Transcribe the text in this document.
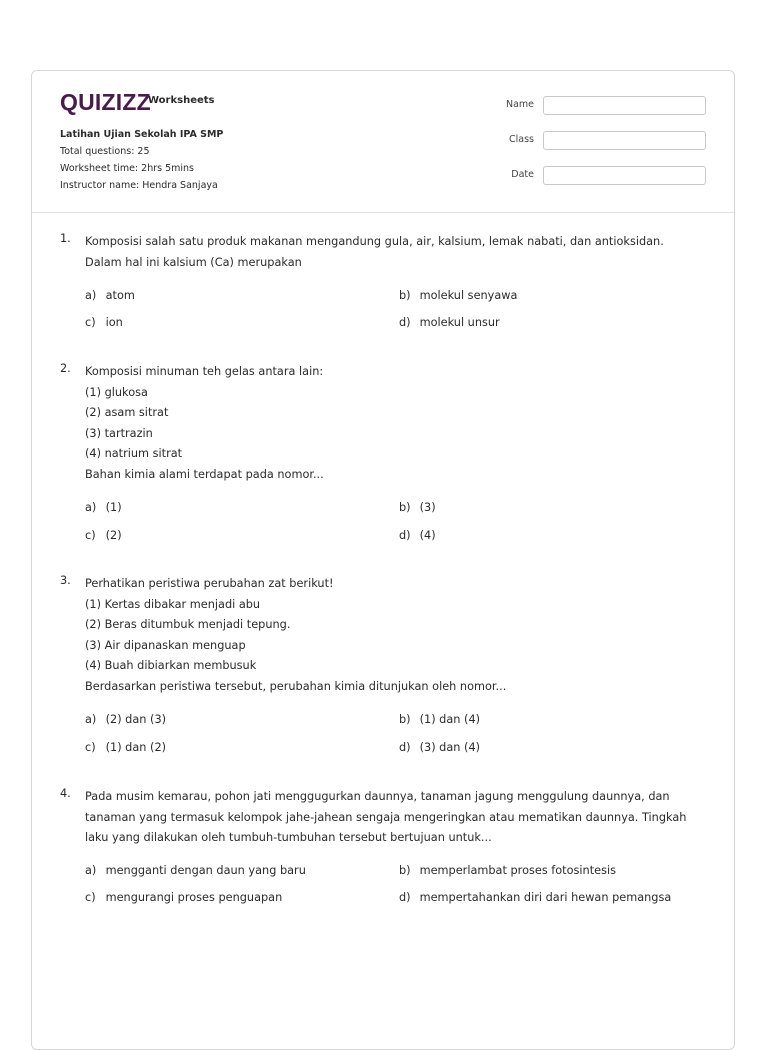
QUIZIZZ
Worksheets
Latihan Ujian Sekolah IPA SMP
Total questions: 25
Worksheet time: 2hrs 5mins
Instructor name: Hendra Sanjaya
Name
Class
Date
1. Komposisi salah satu produk makanan mengandung gula, air, kalsium, lemak nabati, dan antioksidan.
Dalam hal ini kalsium (Ca) merupakan
a) atom	b) molekul senyawa
c) ion	d) molekul unsur
2. Komposisi minuman teh gelas antara lain:
(1) glukosa
(2) asam sitrat
(3) tartrazin
(4) natrium sitrat
Bahan kimia alami terdapat pada nomor...
a) (1)	b) (3)
c) (2)	d) (4)
3. Perhatikan peristiwa perubahan zat berikut!
(1) Kertas dibakar menjadi abu
(2) Beras ditumbuk menjadi tepung.
(3) Air dipanaskan menguap
(4) Buah dibiarkan membusuk
Berdasarkan peristiwa tersebut, perubahan kimia ditunjukan oleh nomor...
a) (2) dan (3)	b) (1) dan (4)
c) (1) dan (2)	d) (3) dan (4)
4. Pada musim kemarau, pohon jati menggugurkan daunnya, tanaman jagung menggulung daunnya, dan
tanaman yang termasuk kelompok jahe-jahean sengaja mengeringkan atau mematikan daunnya. Tingkah
laku yang dilakukan oleh tumbuh-tumbuhan tersebut bertujuan untuk...
a) mengganti dengan daun yang baru	b) memperlambat proses fotosintesis
c) mengurangi proses penguapan	d) mempertahankan diri dari hewan pemangsa
